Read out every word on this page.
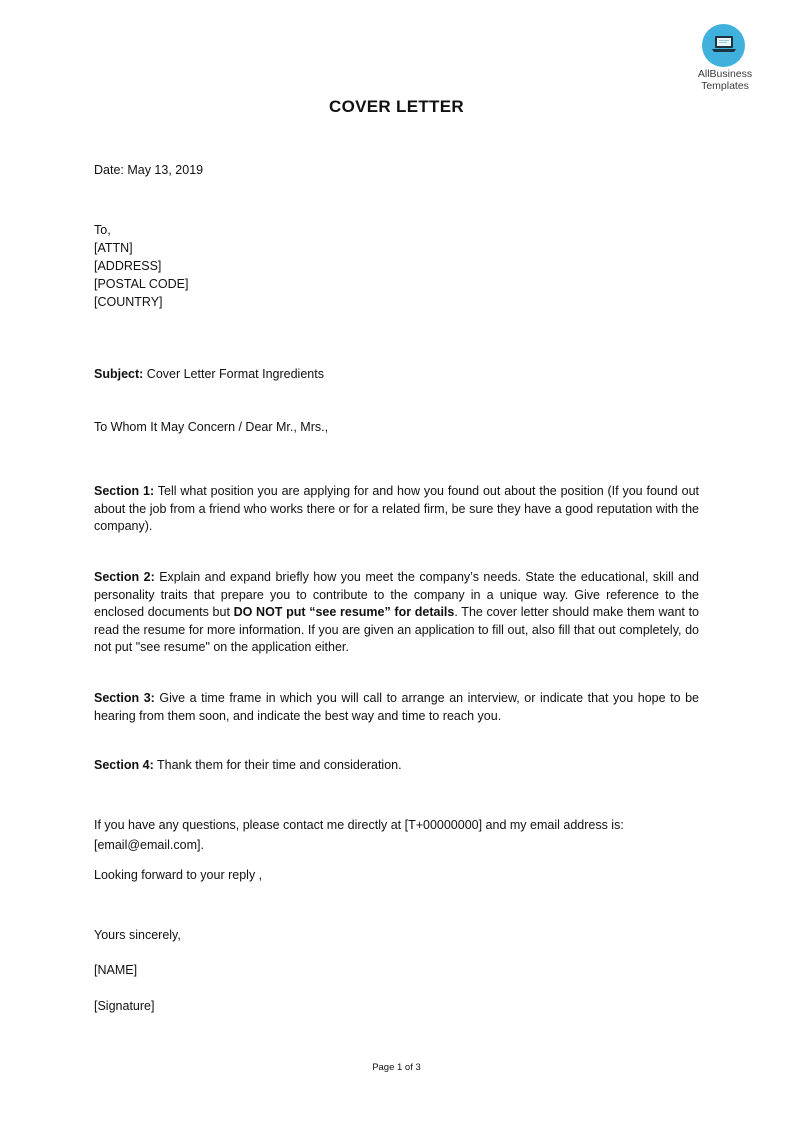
AllBusiness
Templates
COVER LETTER
Date: May 13, 2019
To,
[ATTN]
[ADDRESS]
[POSTAL CODE]
[COUNTRY]
Subject: Cover Letter Format Ingredients
To Whom It May Concern / Dear Mr., Mrs.,
Section 1: Tell what position you are applying for and how you found out about the position (If you found out about the job from a friend who works there or for a related firm, be sure they have a good reputation with the company).
Section 2: Explain and expand briefly how you meet the company’s needs. State the educational, skill and personality traits that prepare you to contribute to the company in a unique way. Give reference to the enclosed documents but DO NOT put “see resume” for details. The cover letter should make them want to read the resume for more information. If you are given an application to fill out, also fill that out completely, do not put "see resume" on the application either.
Section 3: Give a time frame in which you will call to arrange an interview, or indicate that you hope to be hearing from them soon, and indicate the best way and time to reach you.
Section 4: Thank them for their time and consideration.
If you have any questions, please contact me directly at [T+00000000] and my email address is:
[email@email.com].
Looking forward to your reply ,
Yours sincerely,
[NAME]
[Signature]
Page 1 of 3
